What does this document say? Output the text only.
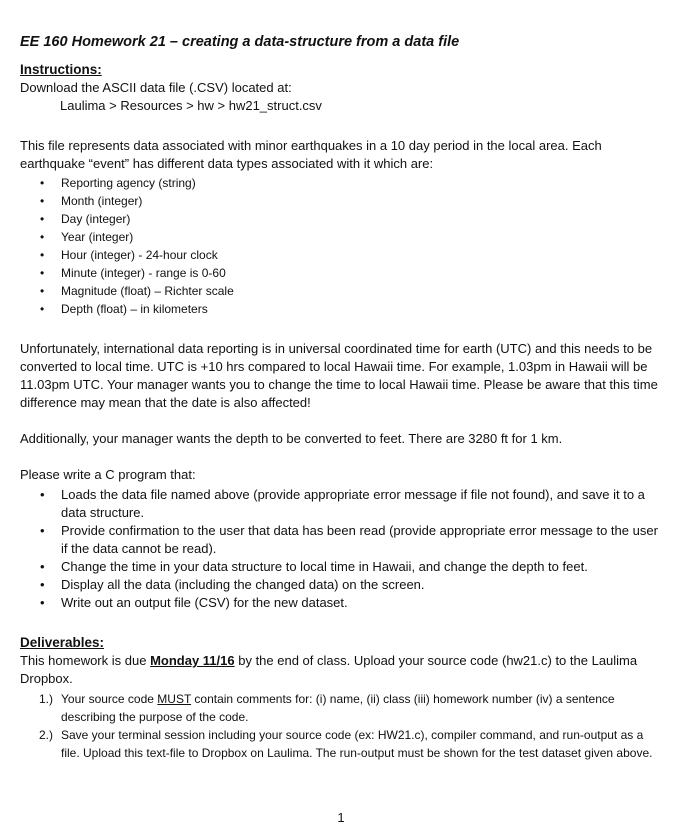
EE 160 Homework 21 – creating a data-structure from a data file
Instructions:

Download the ASCII data file (.CSV) located at:

Laulima > Resources > hw > hw21_struct.csv

This file represents data associated with minor earthquakes in a 10 day period in the local area. Each earthquake “event” has different data types associated with it which are:

• Reporting agency (string)
• Month (integer)
• Day (integer)
• Year (integer)
• Hour (integer) - 24-hour clock
• Minute (integer) - range is 0-60
• Magnitude (float) – Richter scale
• Depth (float) – in kilometers

Unfortunately, international data reporting is in universal coordinated time for earth (UTC) and this needs to be converted to local time. UTC is +10 hrs compared to local Hawaii time. For example, 1.03pm in Hawaii will be 11.03pm UTC. Your manager wants you to change the time to local Hawaii time. Please be aware that this time difference may mean that the date is also affected!

Additionally, your manager wants the depth to be converted to feet. There are 3280 ft for 1 km.

Please write a C program that:

• Loads the data file named above (provide appropriate error message if file not found), and save it to a data structure.
• Provide confirmation to the user that data has been read (provide appropriate error message to the user if the data cannot be read).
• Change the time in your data structure to local time in Hawaii, and change the depth to feet.
• Display all the data (including the changed data) on the screen.
• Write out an output file (CSV) for the new dataset.
Deliverables:

This homework is due Monday 11/16 by the end of class. Upload your source code (hw21.c) to the Laulima Dropbox.

1.) Your source code MUST contain comments for: (i) name, (ii) class (iii) homework number (iv) a sentence describing the purpose of the code.
2.) Save your terminal session including your source code (ex: HW21.c), compiler command, and run-output as a file. Upload this text-file to Dropbox on Laulima. The run-output must be shown for the test dataset given above.
1
